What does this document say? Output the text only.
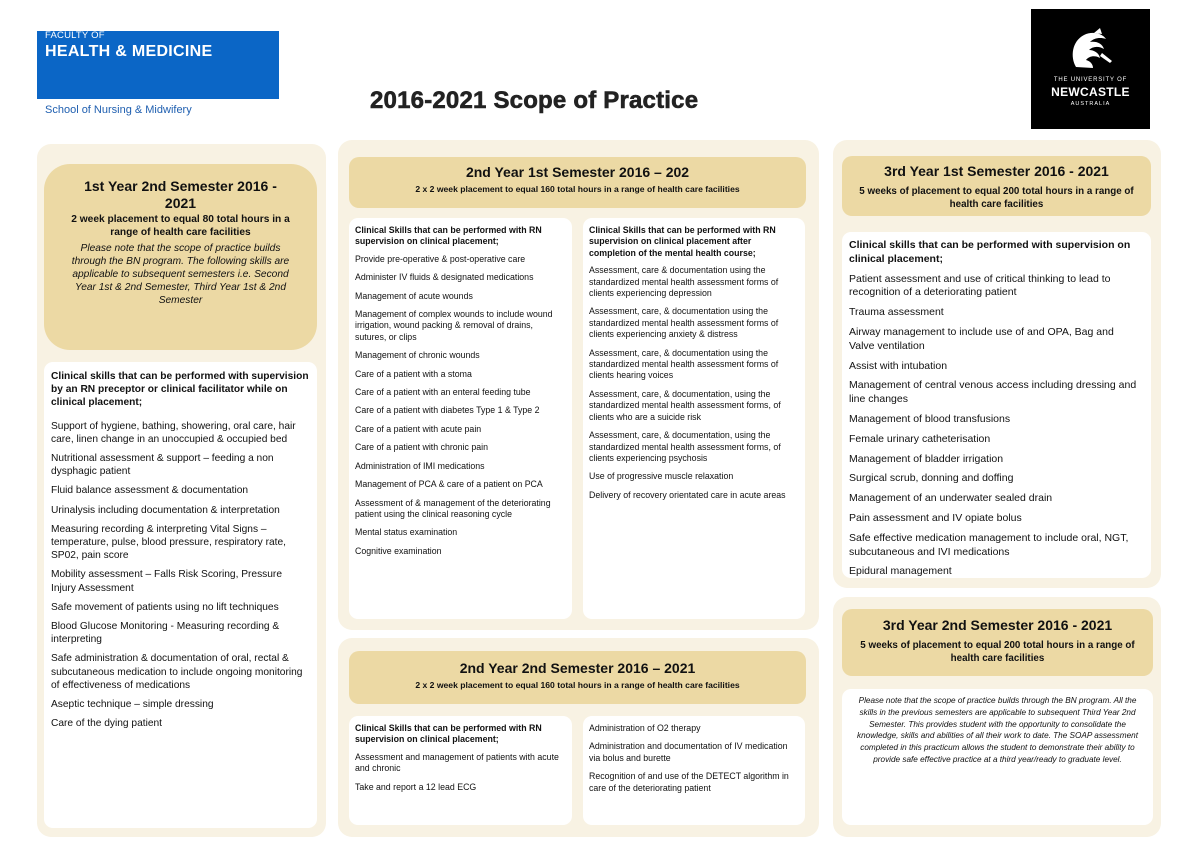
FACULTY OF
HEALTH & MEDICINE
School of Nursing & Midwifery	2016-2021 Scope of Practice
THE UNIVERSITY OF
NEWCASTLE
AUSTRALIA
1st Year 2nd Semester 2016 -
2021
2 week placement to equal 80 total hours in a range of health care facilities
Please note that the scope of practice builds through the BN program. The following skills are applicable to subsequent semesters i.e. Second Year 1st & 2nd Semester, Third Year 1st & 2nd Semester
Clinical skills that can be performed with supervision by an RN preceptor or clinical facilitator while on clinical placement;
Support of hygiene, bathing, showering, oral care, hair care, linen change in an unoccupied & occupied bed
Nutritional assessment & support – feeding a non dysphagic patient
Fluid balance assessment & documentation
Urinalysis including documentation & interpretation
Measuring recording & interpreting Vital Signs – temperature, pulse, blood pressure, respiratory rate, SP02, pain score
Mobility assessment – Falls Risk Scoring, Pressure Injury Assessment
Safe movement of patients using no lift techniques
Blood Glucose Monitoring - Measuring recording & interpreting
Safe administration & documentation of oral, rectal & subcutaneous medication to include ongoing monitoring of effectiveness of medications
Aseptic technique – simple dressing
Care of the dying patient
2nd Year 1st Semester 2016 – 202
2 x 2 week placement to equal 160 total hours in a range of health care facilities
Clinical Skills that can be performed with RN supervision on clinical placement;
Provide pre-operative & post-operative care
Administer IV fluids & designated medications
Management of acute wounds
Management of complex wounds to include wound irrigation, wound packing & removal of drains, sutures, or clips
Management of chronic wounds
Care of a patient with a stoma
Care of a patient with an enteral feeding tube
Care of a patient with diabetes Type 1 & Type 2
Care of a patient with acute pain
Care of a patient with chronic pain
Administration of IMI medications
Management of PCA & care of a patient on PCA
Assessment of & management of the deteriorating patient using the clinical reasoning cycle
Mental status examination
Cognitive examination
Clinical Skills that can be performed with RN supervision on clinical placement after completion of the mental health course;
Assessment, care & documentation using the standardized mental health assessment forms of clients experiencing depression
Assessment, care, & documentation using the standardized mental health assessment forms of clients experiencing anxiety & distress
Assessment, care, & documentation using the standardized mental health assessment forms of clients hearing voices
Assessment, care, & documentation, using the standardized mental health assessment forms, of clients who are a suicide risk
Assessment, care, & documentation, using the standardized mental health assessment forms, of clients experiencing psychosis
Use of progressive muscle relaxation
Delivery of recovery orientated care in acute areas
2nd Year 2nd Semester 2016 – 2021
2 x 2 week placement to equal 160 total hours in a range of health care facilities
Clinical Skills that can be performed with RN supervision on clinical placement;
Assessment and management of patients with acute and chronic
Take and report a 12 lead ECG
Administration of O2 therapy
Administration and documentation of IV medication via bolus and burette
Recognition of and use of the DETECT algorithm in care of the deteriorating patient
3rd Year 1st Semester 2016 - 2021
5 weeks of placement to equal 200 total hours in a range of health care facilities
Clinical skills that can be performed with supervision on clinical placement;
Patient assessment and use of critical thinking to lead to recognition of a deteriorating patient
Trauma assessment
Airway management to include use of and OPA, Bag and Valve ventilation
Assist with intubation
Management of central venous access including dressing and line changes
Management of blood transfusions
Female urinary catheterisation
Management of bladder irrigation
Surgical scrub, donning and doffing
Management of an underwater sealed drain
Pain assessment and IV opiate bolus
Safe effective medication management to include oral, NGT, subcutaneous and IVI medications
Epidural management
3rd Year 2nd Semester 2016 - 2021
5 weeks of placement to equal 200 total hours in a range of health care facilities
Please note that the scope of practice builds through the BN program. All the skills in the previous semesters are applicable to subsequent Third Year 2nd Semester. This provides student with the opportunity to consolidate the knowledge, skills and abilities of all their work to date. The SOAP assessment completed in this practicum allows the student to demonstrate their ability to provide safe effective practice at a third year/ready to graduate level.
